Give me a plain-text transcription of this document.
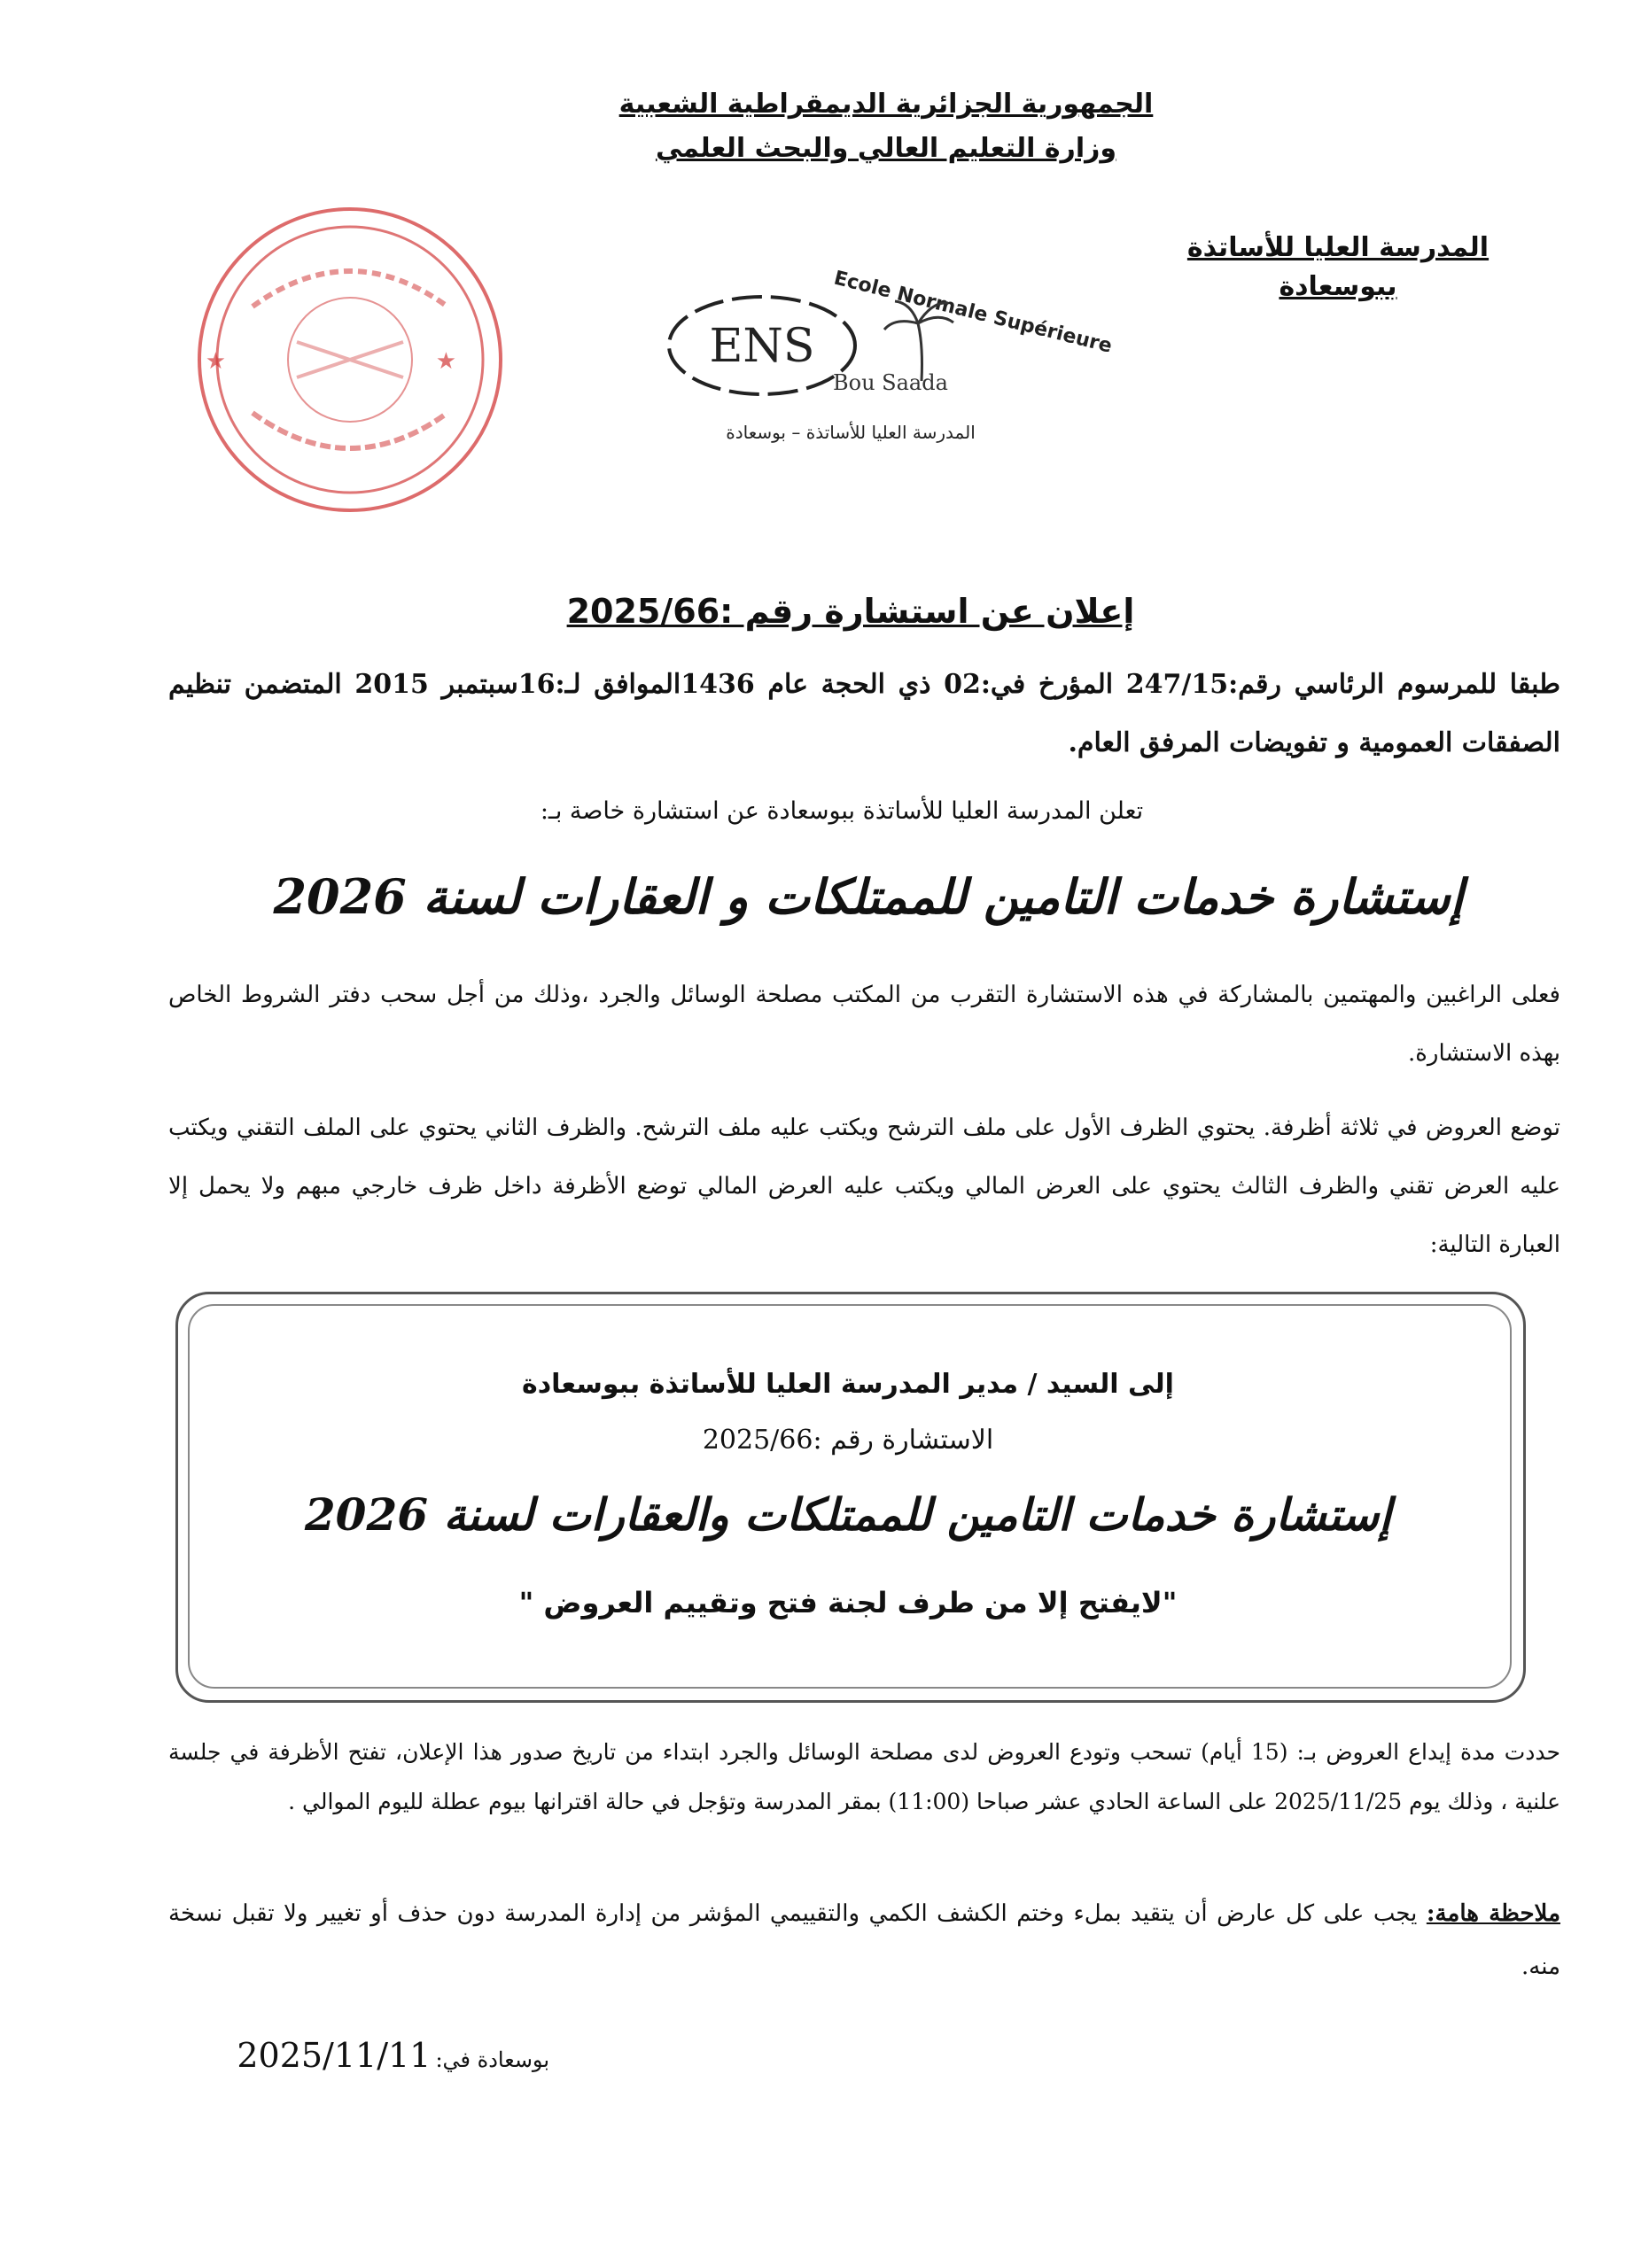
الجمهورية الجزائرية الديمقراطية الشعبية
وزارة التعليم العالي والبحث العلمي
المدرسة العليا للأساتذة
ببوسعادة
★	★	ENS Ecole Normale Supérieure
Bou Saada
المدرسة العليا للأساتذة – بوسعادة
إعلان عن استشارة رقم :2025/66
طبقا للمرسوم الرئاسي رقم:247/15 المؤرخ في:02 ذي الحجة عام 1436الموافق لـ:16سبتمبر 2015 المتضمن تنظيم الصفقات العمومية و تفويضات المرفق العام.
تعلن المدرسة العليا للأساتذة ببوسعادة عن استشارة خاصة بـ:
إستشارة خدمات التامين للممتلكات و العقارات لسنة 2026
فعلى الراغبين والمهتمين بالمشاركة في هذه الاستشارة التقرب من المكتب مصلحة الوسائل والجرد ،وذلك من أجل سحب دفتر الشروط الخاص بهذه الاستشارة.
توضع العروض في ثلاثة أظرفة. يحتوي الظرف الأول على ملف الترشح ويكتب عليه ملف الترشح. والظرف الثاني يحتوي على الملف التقني ويكتب عليه العرض تقني والظرف الثالث يحتوي على العرض المالي ويكتب عليه العرض المالي توضع الأظرفة داخل ظرف خارجي مبهم ولا يحمل إلا العبارة التالية:
إلى السيد / مدير المدرسة العليا للأساتذة ببوسعادة
الاستشارة رقم :2025/66
إستشارة خدمات التامين للممتلكات والعقارات لسنة 2026
"لايفتح إلا من طرف لجنة فتح وتقييم العروض "
حددت مدة إيداع العروض بـ: (15 أيام) تسحب وتودع العروض لدى مصلحة الوسائل والجرد ابتداء من تاريخ صدور هذا الإعلان، تفتح الأظرفة في جلسة علنية ، وذلك يوم 2025/11/25 على الساعة الحادي عشر صباحا (11:00) بمقر المدرسة وتؤجل في حالة اقترانها بيوم عطلة لليوم الموالي .
ملاحظة هامة: يجب على كل عارض أن يتقيد بملء وختم الكشف الكمي والتقييمي المؤشر من إدارة المدرسة دون حذف أو تغيير ولا تقبل نسخة منه.
بوسعادة في: 2025/11/11
